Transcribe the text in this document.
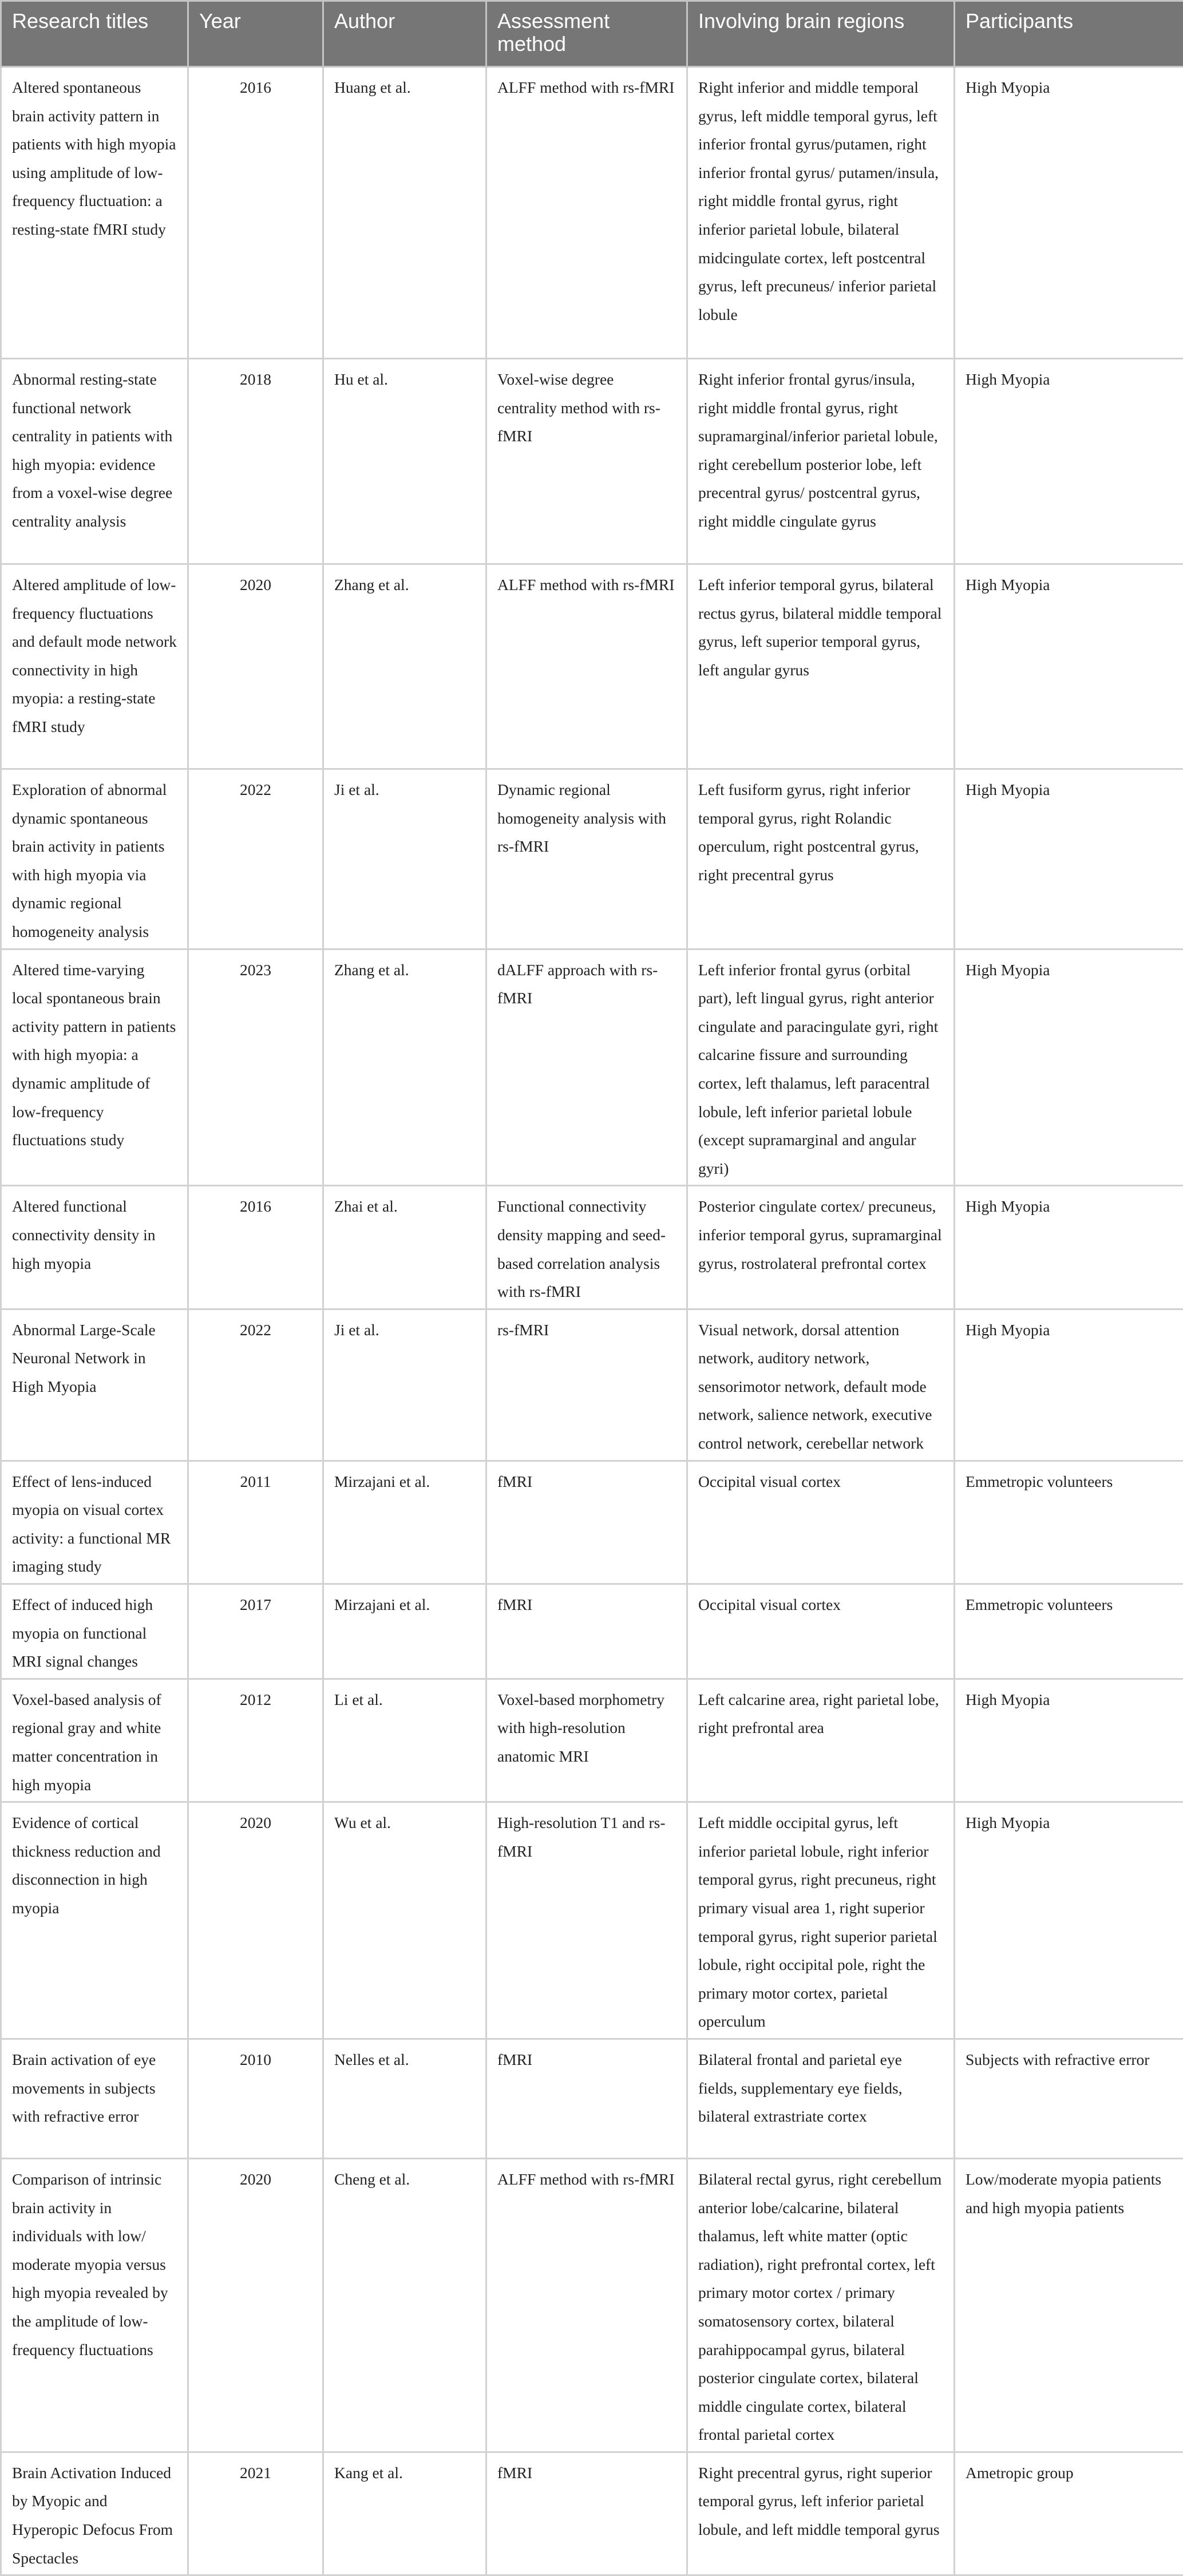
Research titles	Year	Author	Assessment method	Involving brain regions	Participants
Altered spontaneous brain activity pattern in patients with high myopia using amplitude of low-frequency fluctuation: a resting-state fMRI study	2016	Huang et al.	ALFF method with rs-fMRI	Right inferior and middle temporal gyrus, left middle temporal gyrus, left inferior frontal gyrus/putamen, right inferior frontal gyrus/ putamen/insula, right middle frontal gyrus, right inferior parietal lobule, bilateral midcingulate cortex, left postcentral gyrus, left precuneus/ inferior parietal lobule	High Myopia
Abnormal resting-state functional network centrality in patients with high myopia: evidence from a voxel-wise degree centrality analysis	2018	Hu et al.	Voxel-wise degree centrality method with rs-fMRI	Right inferior frontal gyrus/insula, right middle frontal gyrus, right supramarginal/inferior parietal lobule, right cerebellum posterior lobe, left precentral gyrus/ postcentral gyrus, right middle cingulate gyrus	High Myopia
Altered amplitude of low-frequency fluctuations and default mode network connectivity in high myopia: a resting-state fMRI study	2020	Zhang et al.	ALFF method with rs-fMRI	Left inferior temporal gyrus, bilateral rectus gyrus, bilateral middle temporal gyrus, left superior temporal gyrus, left angular gyrus	High Myopia
Exploration of abnormal dynamic spontaneous brain activity in patients with high myopia via dynamic regional homogeneity analysis	2022	Ji et al.	Dynamic regional homogeneity analysis with rs-fMRI	Left fusiform gyrus, right inferior temporal gyrus, right Rolandic operculum, right postcentral gyrus, right precentral gyrus	High Myopia
Altered time-varying local spontaneous brain activity pattern in patients with high myopia: a dynamic amplitude of low-frequency fluctuations study	2023	Zhang et al.	dALFF approach with rs-fMRI	Left inferior frontal gyrus (orbital part), left lingual gyrus, right anterior cingulate and paracingulate gyri, right calcarine fissure and surrounding cortex, left thalamus, left paracentral lobule, left inferior parietal lobule (except supramarginal and angular gyri)	High Myopia
Altered functional connectivity density in high myopia	2016	Zhai et al.	Functional connectivity density mapping and seed-based correlation analysis with rs-fMRI	Posterior cingulate cortex/ precuneus, inferior temporal gyrus, supramarginal gyrus, rostrolateral prefrontal cortex	High Myopia
Abnormal Large-Scale Neuronal Network in High Myopia	2022	Ji et al.	rs-fMRI	Visual network, dorsal attention network, auditory network, sensorimotor network, default mode network, salience network, executive control network, cerebellar network	High Myopia
Effect of lens-induced myopia on visual cortex activity: a functional MR imaging study	2011	Mirzajani et al.	fMRI	Occipital visual cortex	Emmetropic volunteers
Effect of induced high myopia on functional MRI signal changes	2017	Mirzajani et al.	fMRI	Occipital visual cortex	Emmetropic volunteers
Voxel-based analysis of regional gray and white matter concentration in high myopia	2012	Li et al.	Voxel-based morphometry with high-resolution anatomic MRI	Left calcarine area, right parietal lobe, right prefrontal area	High Myopia
Evidence of cortical thickness reduction and disconnection in high myopia	2020	Wu et al.	High-resolution T1 and rs-fMRI	Left middle occipital gyrus, left inferior parietal lobule, right inferior temporal gyrus, right precuneus, right primary visual area 1, right superior temporal gyrus, right superior parietal lobule, right occipital pole, right the primary motor cortex, parietal operculum	High Myopia
Brain activation of eye movements in subjects with refractive error	2010	Nelles et al.	fMRI	Bilateral frontal and parietal eye fields, supplementary eye fields, bilateral extrastriate cortex	Subjects with refractive error
Comparison of intrinsic brain activity in individuals with low/ moderate myopia versus high myopia revealed by the amplitude of low-frequency fluctuations	2020	Cheng et al.	ALFF method with rs-fMRI	Bilateral rectal gyrus, right cerebellum anterior lobe/calcarine, bilateral thalamus, left white matter (optic radiation), right prefrontal cortex, left primary motor cortex / primary somatosensory cortex, bilateral parahippocampal gyrus, bilateral posterior cingulate cortex, bilateral middle cingulate cortex, bilateral frontal parietal cortex	Low/moderate myopia patients and high myopia patients
Brain Activation Induced by Myopic and Hyperopic Defocus From Spectacles	2021	Kang et al.	fMRI	Right precentral gyrus, right superior temporal gyrus, left inferior parietal lobule, and left middle temporal gyrus	Ametropic group
